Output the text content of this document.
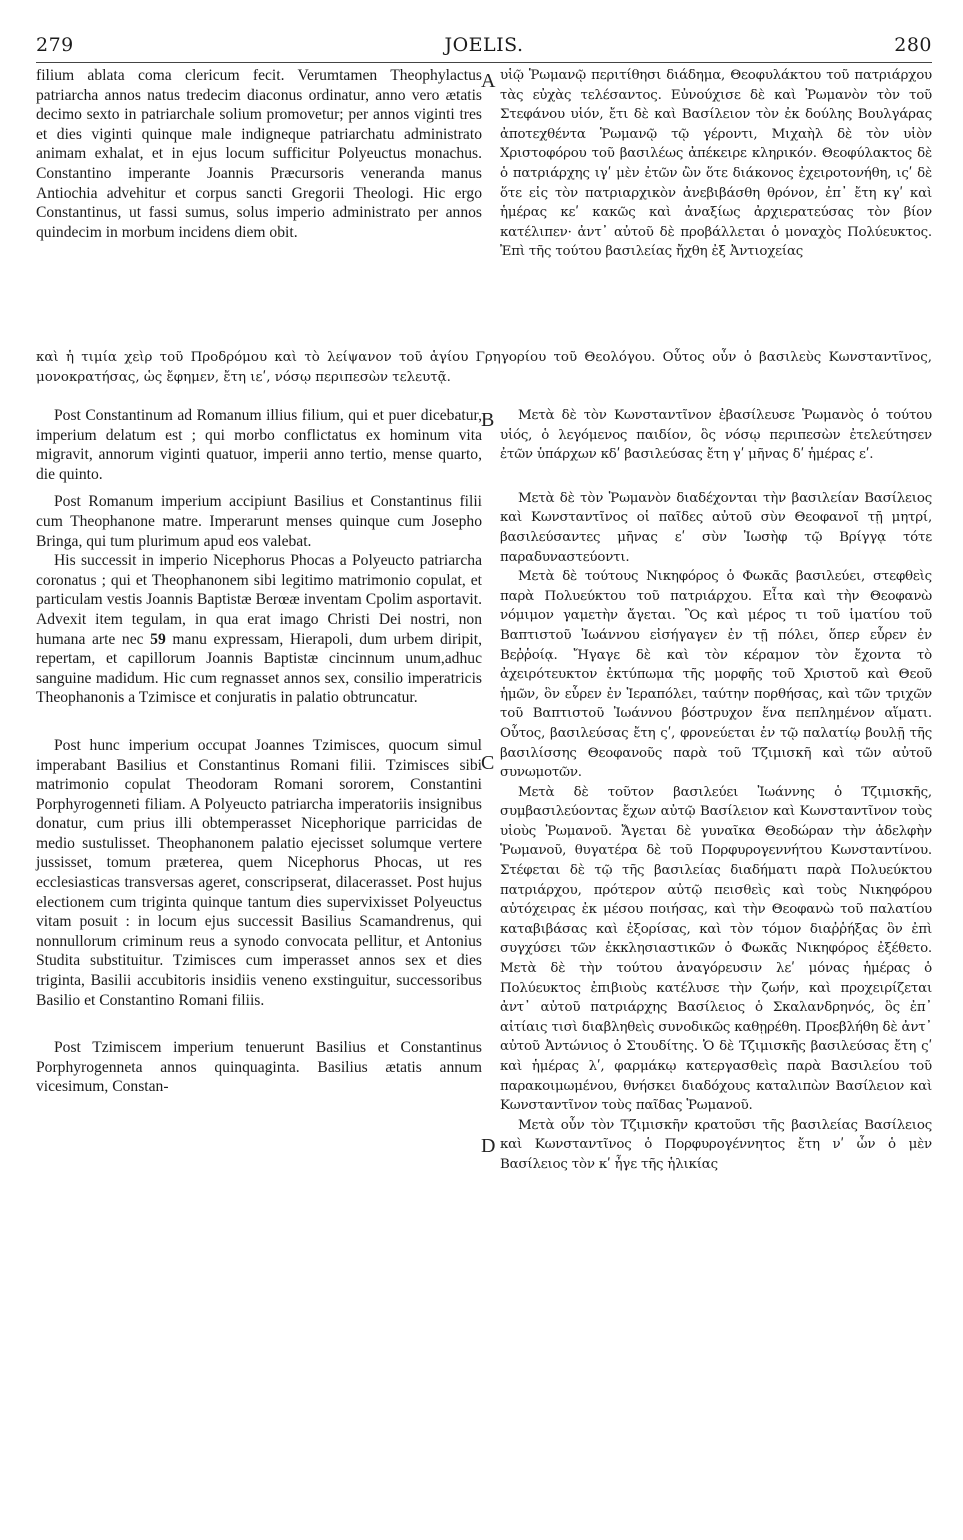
279	JOELIS.	280

filium ablata coma clericum fecit. Verumtamen Theophylactus patriarcha annos natus tredecim diaconus ordinatur, anno vero ætatis decimo sexto in patriarchale solium promovetur; per annos viginti tres et dies viginti quinque male indigneque patriarchatu administrato animam exhalat, et in ejus locum sufficitur Polyeuctus monachus. Constantino imperante Joannis Præcursoris veneranda manus Antiochia advehitur et corpus sancti Gregorii Theologi. Hic ergo Constantinus, ut fassi sumus, solus imperio administrato per annos quindecim in morbum incidens diem obit.

υἱῷ Ῥωμανῷ περιτίθησι διάδημα, Θεοφυλάκτου τοῦ πατριάρχου τὰς εὐχὰς τελέσαντος. Εὐνούχισε δὲ καὶ Ῥωμανὸν τὸν τοῦ Στεφάνου υἱόν, ἔτι δὲ καὶ Βασίλειον τὸν ἐκ δούλης Βουλγάρας ἀποτεχθέντα Ῥωμανῷ τῷ γέροντι, Μιχαὴλ δὲ τὸν υἱὸν Χριστοφόρου τοῦ βασιλέως ἀπέκειρε κληρικόν. Θεοφύλακτος δὲ ὁ πατριάρχης ιγʹ μὲν ἐτῶν ὢν ὅτε διάκονος ἐχειροτονήθη, ιςʹ δὲ ὅτε εἰς τὸν πατριαρχικὸν ἀνεβιβάσθη θρόνον, ἐπ᾽ ἔτη κγʹ καὶ ἡμέρας κεʹ κακῶς καὶ ἀναξίως ἀρχιερατεύσας τὸν βίον κατέλιπεν· ἀντ᾽ αὐτοῦ δὲ προβάλλεται ὁ μοναχὸς Πολύευκτος. Ἐπὶ τῆς τούτου βασιλείας ἤχθη ἐξ Ἀντιοχείας

A
καὶ ἡ τιμία χεὶρ τοῦ Προδρόμου καὶ τὸ λείψανον τοῦ ἁγίου Γρηγορίου τοῦ Θεολόγου. Οὗτος οὖν ὁ βασιλεὺς Κωνσταντῖνος, μονοκρατήσας, ὡς ἔφημεν, ἔτη ιεʹ, νόσῳ περιπεσὼν τελευτᾷ.

Post Constantinum ad Romanum illius filium, qui et puer dicebatur, imperium delatum est ; qui morbo conflictatus ex hominum vita migravit, annorum viginti quatuor, imperii anno tertio, mense quarto, die quinto.

Post Romanum imperium accipiunt Basilius et Constantinus filii cum Theophanone matre. Imperarunt menses quinque cum Josepho Bringa, qui tum plurimum apud eos valebat.

His successit in imperio Nicephorus Phocas a Polyeucto patriarcha coronatus ; qui et Theophanonem sibi legitimo matrimonio copulat, et particulam vestis Joannis Baptistæ Berœæ inventam Cpolim asportavit. Advexit item tegulam, in qua erat imago Christi Dei nostri, non humana arte nec 59 manu expressam, Hierapoli, dum urbem diripit, repertam, et capillorum Joannis Baptistæ cincinnum unum,adhuc sanguine madidum. Hic cum regnasset annos sex, consilio imperatricis Theophanonis a Tzimisce et conjuratis in palatio obtruncatur.

Post hunc imperium occupat Joannes Tzimisces, quocum simul imperabant Basilius et Constantinus Romani filii. Tzimisces sibi matrimonio copulat Theodoram Romani sororem, Constantini Porphyrogenneti filiam. A Polyeucto patriarcha imperatoriis insignibus donatur, cum prius illi obtemperasset Nicephorique parricidas de medio sustulisset. Theophanonem palatio ejecisset solumque vertere jussisset, tomum præterea, quem Nicephorus Phocas, ut res ecclesiasticas transversas ageret, conscripserat, dilacerasset. Post hujus electionem cum triginta quinque tantum dies supervixisset Polyeuctus vitam posuit : in locum ejus successit Basilius Scamandrenus, qui nonnullorum criminum reus a synodo convocata pellitur, et Antonius Studita substituitur. Tzimisces cum imperasset annos sex et dies triginta, Basilii accubitoris insidiis veneno exstinguitur, successoribus Basilio et Constantino Romani filiis.

Post Tzimiscem imperium tenuerunt Basilius et Constantinus Porphyrogenneta annos quinquaginta. Basilius ætatis annum vicesimum, Constan-

B
C
D

Μετὰ δὲ τὸν Κωνσταντῖνον ἐβασίλευσε Ῥωμανὸς ὁ τούτου υἱός, ὁ λεγόμενος παιδίον, ὃς νόσῳ περιπεσὼν ἐτελεύτησεν ἐτῶν ὑπάρχων κδʹ βασιλεύσας ἔτη γʹ μῆνας δʹ ἡμέρας εʹ.

Μετὰ δὲ τὸν Ῥωμανὸν διαδέχονται τὴν βασιλείαν Βασίλειος καὶ Κωνσταντῖνος οἱ παῖδες αὐτοῦ σὺν Θεοφανοῖ τῇ μητρί, βασιλεύσαντες μῆνας εʹ σὺν Ἰωσὴφ τῷ Βρίγγᾳ τότε παραδυναστεύοντι.

Μετὰ δὲ τούτους Νικηφόρος ὁ Φωκᾶς βασιλεύει, στεφθεὶς παρὰ Πολυεύκτου τοῦ πατριάρχου. Εἶτα καὶ τὴν Θεοφανὼ νόμιμον γαμετὴν ἄγεται. Ὃς καὶ μέρος τι τοῦ ἱματίου τοῦ Βαπτιστοῦ Ἰωάννου εἰσήγαγεν ἐν τῇ πόλει, ὅπερ εὗρεν ἐν Βεῤῥοίᾳ. Ἤγαγε δὲ καὶ τὸν κέραμον τὸν ἔχοντα τὸ ἀχειρότευκτον ἐκτύπωμα τῆς μορφῆς τοῦ Χριστοῦ καὶ Θεοῦ ἡμῶν, ὃν εὗρεν ἐν Ἱεραπόλει, ταύτην πορθήσας, καὶ τῶν τριχῶν τοῦ Βαπτιστοῦ Ἰωάννου βόστρυχον ἕνα πεπλημένον αἵματι. Οὗτος, βασιλεύσας ἔτη ςʹ, φρονεύεται ἐν τῷ παλατίῳ βουλῇ τῆς βασιλίσσης Θεοφανοῦς παρὰ τοῦ Τζιμισκῆ καὶ τῶν αὐτοῦ συνωμοτῶν.

Μετὰ δὲ τοῦτον βασιλεύει Ἰωάννης ὁ Τζιμισκῆς, συμβασιλεύοντας ἔχων αὐτῷ Βασίλειον καὶ Κωνσταντῖνον τοὺς υἱοὺς Ῥωμανοῦ. Ἄγεται δὲ γυναῖκα Θεοδώραν τὴν ἀδελφὴν Ῥωμανοῦ, θυγατέρα δὲ τοῦ Πορφυρογεννήτου Κωνσταντίνου. Στέφεται δὲ τῷ τῆς βασιλείας διαδήματι παρὰ Πολυεύκτου πατριάρχου, πρότερον αὐτῷ πεισθεὶς καὶ τοὺς Νικηφόρου αὐτόχειρας ἐκ μέσου ποιήσας, καὶ τὴν Θεοφανὼ τοῦ παλατίου καταβιβάσας καὶ ἐξορίσας, καὶ τὸν τόμον διαῤῥήξας ὃν ἐπὶ συγχύσει τῶν ἐκκλησιαστικῶν ὁ Φωκᾶς Νικηφόρος ἐξέθετο. Μετὰ δὲ τὴν τούτου ἀναγόρευσιν λεʹ μόνας ἡμέρας ὁ Πολύευκτος ἐπιβιοὺς κατέλυσε τὴν ζωήν, καὶ προχειρίζεται ἀντ᾽ αὐτοῦ πατριάρχης Βασίλειος ὁ Σκαλανδρηνός, ὃς ἐπ᾽ αἰτίαις τισὶ διαβληθεὶς συνοδικῶς καθῃρέθη. Προεβλήθη δὲ ἀντ᾽ αὐτοῦ Ἀντώνιος ὁ Στουδίτης. Ὁ δὲ Τζιμισκῆς βασιλεύσας ἔτη ςʹ καὶ ἡμέρας λʹ, φαρμάκῳ κατεργασθεὶς παρὰ Βασιλείου τοῦ παρακοιμωμένου, θνήσκει διαδόχους καταλιπὼν Βασίλειον καὶ Κωνσταντῖνον τοὺς παῖδας Ῥωμανοῦ.

Μετὰ οὖν τὸν Τζιμισκῆν κρατοῦσι τῆς βασιλείας Βασίλειος καὶ Κωνσταντῖνος ὁ Πορφυρογέννητος ἔτη νʹ ὧν ὁ μὲν Βασίλειος τὸν κʹ ἦγε τῆς ἡλικίας
